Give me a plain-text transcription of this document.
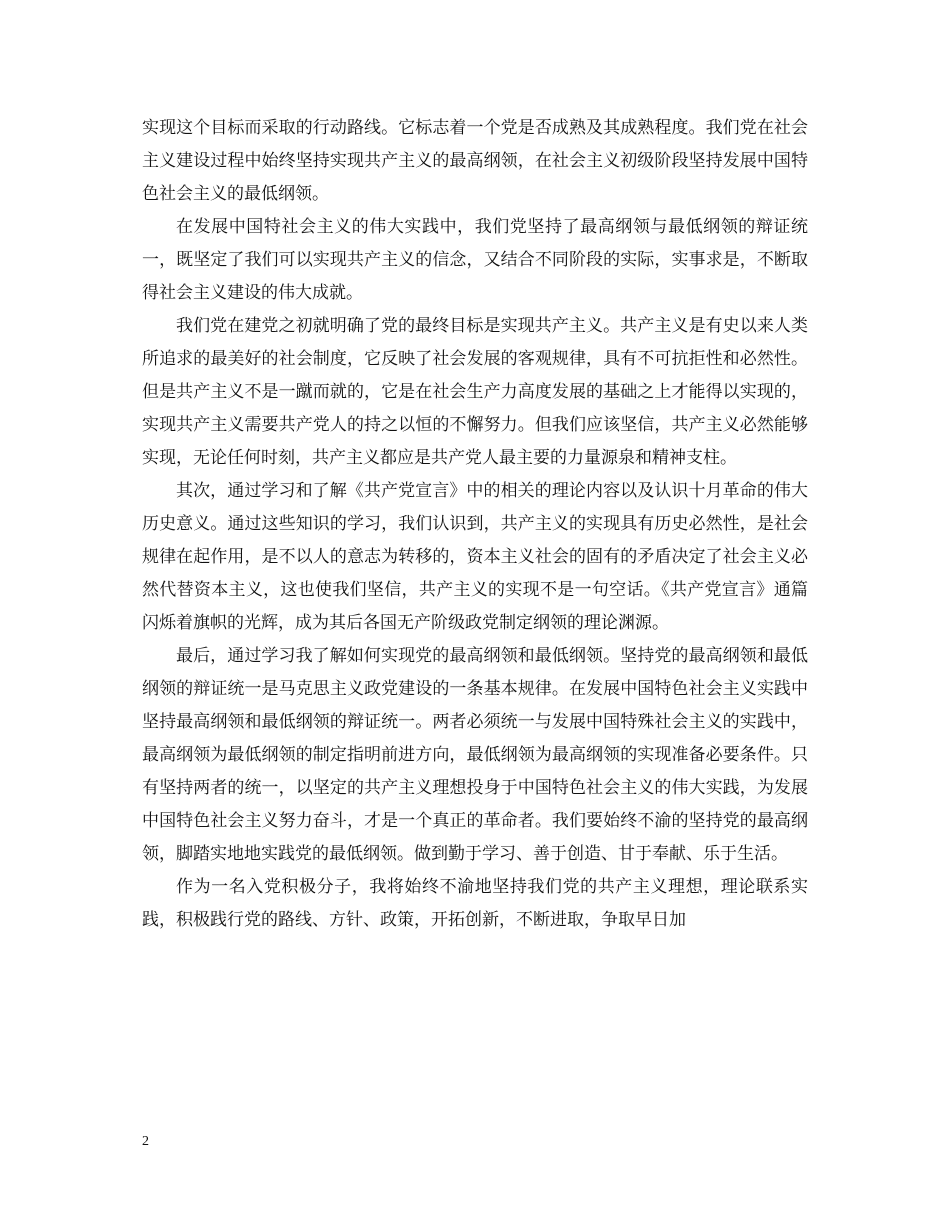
实现这个目标而采取的行动路线。它标志着一个党是否成熟及其成熟程度。我们党在社会主义建设过程中始终坚持实现共产主义的最高纲领，在社会主义初级阶段坚持发展中国特色社会主义的最低纲领。

在发展中国特社会主义的伟大实践中，我们党坚持了最高纲领与最低纲领的辩证统一，既坚定了我们可以实现共产主义的信念，又结合不同阶段的实际，实事求是，不断取得社会主义建设的伟大成就。

我们党在建党之初就明确了党的最终目标是实现共产主义。共产主义是有史以来人类所追求的最美好的社会制度，它反映了社会发展的客观规律，具有不可抗拒性和必然性。但是共产主义不是一蹴而就的，它是在社会生产力高度发展的基础之上才能得以实现的，实现共产主义需要共产党人的持之以恒的不懈努力。但我们应该坚信，共产主义必然能够实现，无论任何时刻，共产主义都应是共产党人最主要的力量源泉和精神支柱。

其次，通过学习和了解《共产党宣言》中的相关的理论内容以及认识十月革命的伟大历史意义。通过这些知识的学习，我们认识到，共产主义的实现具有历史必然性，是社会规律在起作用，是不以人的意志为转移的，资本主义社会的固有的矛盾决定了社会主义必然代替资本主义，这也使我们坚信，共产主义的实现不是一句空话。《共产党宣言》通篇闪烁着旗帜的光辉，成为其后各国无产阶级政党制定纲领的理论渊源。

最后，通过学习我了解如何实现党的最高纲领和最低纲领。坚持党的最高纲领和最低纲领的辩证统一是马克思主义政党建设的一条基本规律。在发展中国特色社会主义实践中坚持最高纲领和最低纲领的辩证统一。两者必须统一与发展中国特殊社会主义的实践中，最高纲领为最低纲领的制定指明前进方向，最低纲领为最高纲领的实现准备必要条件。只有坚持两者的统一，以坚定的共产主义理想投身于中国特色社会主义的伟大实践，为发展中国特色社会主义努力奋斗，才是一个真正的革命者。我们要始终不渝的坚持党的最高纲领，脚踏实地地实践党的最低纲领。做到勤于学习、善于创造、甘于奉献、乐于生活。

作为一名入党积极分子，我将始终不渝地坚持我们党的共产主义理想，理论联系实践，积极践行党的路线、方针、政策，开拓创新，不断进取，争取早日加

2
